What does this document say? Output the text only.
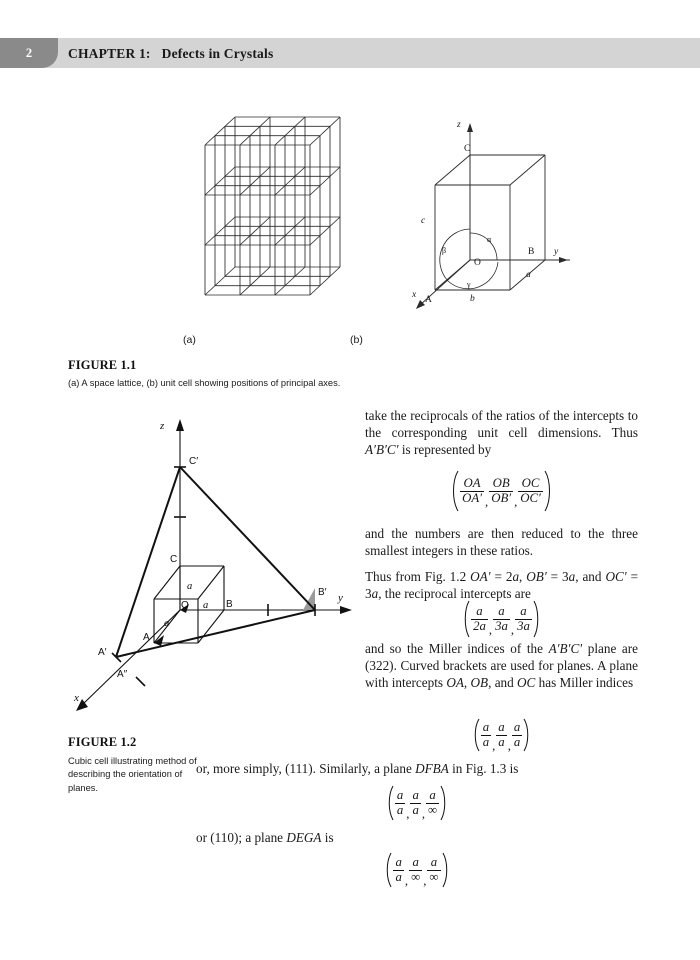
2	CHAPTER 1: Defects in Crystals
z
y
x
C
A
B
O
c
b
a
α
β
γ
(a)	(b)
FIGURE 1.1
(a) A space lattice, (b) unit cell showing positions of principal axes.
z
y
x
C′
B′
A′
A″
C
B
A
O
a
a
a
FIGURE 1.2
Cubic cell illustrating method of describing the orientation of planes.

take the reciprocals of the ratios of the intercepts to the corresponding unit cell dimensions. Thus A′B′C′ is represented by

$\frac{OA}{OA'}$ , $\frac{OB}{OB'}$ , $\frac{OC}{OC'}$

and the numbers are then reduced to the three smallest integers in these ratios.

Thus from Fig. 1.2 OA′ = 2a, OB′ = 3a, and OC′ = 3a, the reciprocal intercepts are

$\frac{a}{2a}$ , $\frac{a}{3a}$ , $\frac{a}{3a}$

and so the Miller indices of the A′B′C′ plane are (322). Curved brackets are used for planes. A plane with intercepts OA, OB, and OC has Miller indices

$\frac{a}{a}$ , $\frac{a}{a}$ , $\frac{a}{a}$
or, more simply, (111). Similarly, a plane DFBA in Fig. 1.3 is
$\frac{a}{a}$ , $\frac{a}{a}$ , $\frac{a}{\infty}$
or (110); a plane DEGA is
$\frac{a}{a}$ , $\frac{a}{\infty}$ , $\frac{a}{\infty}$
